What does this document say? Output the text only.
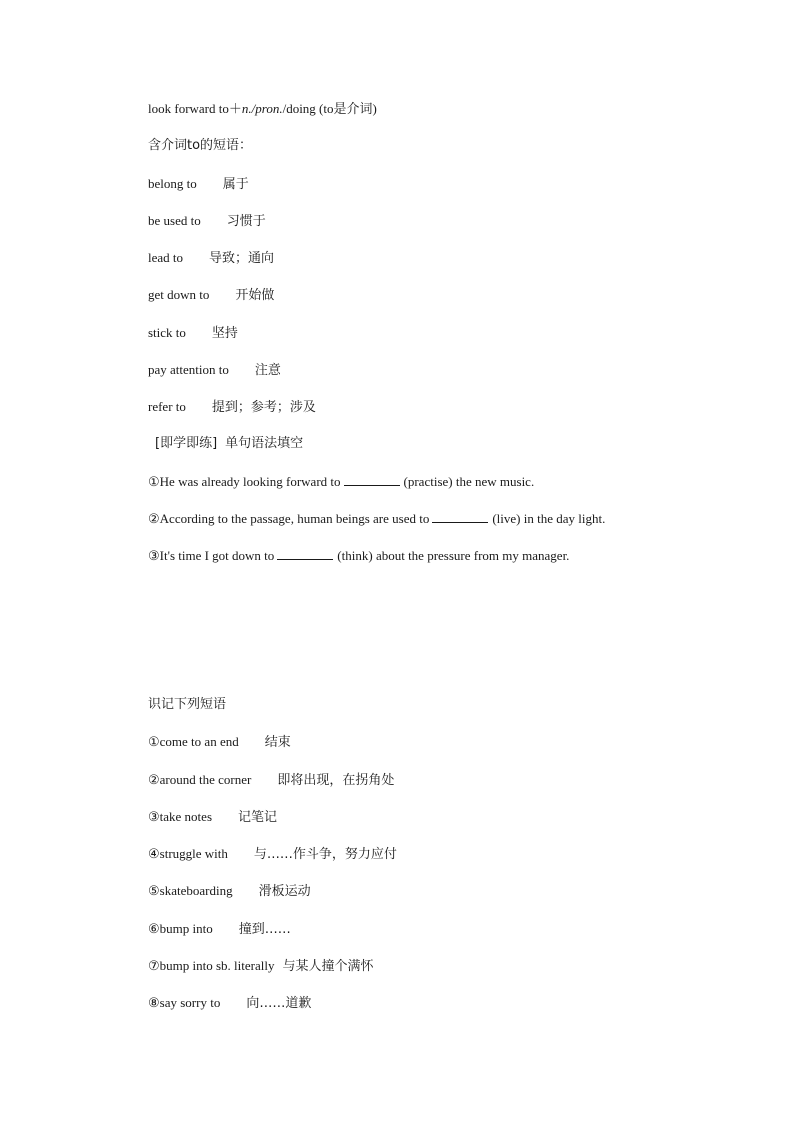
look forward to＋n./pron./doing (to是介词)
含介词to的短语：
belong to 属于
be used to 习惯于
lead to 导致；通向
get down to 开始做
stick to 坚持
pay attention to 注意
refer to 提到；参考；涉及
[即学即练] 单句语法填空
①He was already looking forward to	(practise) the new music.
②According to the passage, human beings are used to	(live) in the day light.
③It's time I got down to	(think) about the pressure from my manager.
识记下列短语
①come to an end 结束
②around the corner 即将出现，在拐角处
③take notes 记笔记
④struggle with 与……作斗争，努力应付
⑤skateboarding 滑板运动
⑥bump into 撞到……
⑦bump into sb. literally 与某人撞个满怀
⑧say sorry to 向……道歉
